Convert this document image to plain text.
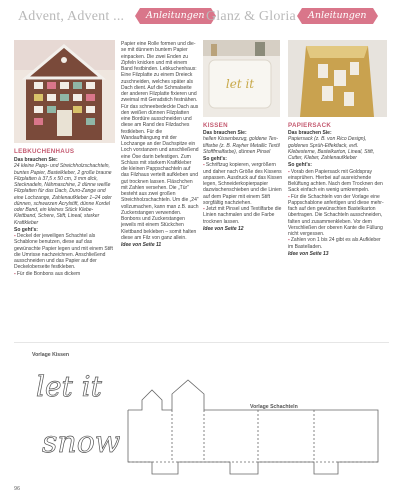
Advent, Advent ...	Anleitungen Glanz & Gloria	Anleitungen
let it
LEBKUCHENHAUS

Das brauchen Sie:
24 kleine Papp- und Streichholzschachteln, buntes Papier, Bastelkleber, 2 große braune Filzplatten à 37,5 x 50 cm, 3 mm dick, Stecknadeln, Nähmaschine, 2 dünne weiße Filzplatten für das Dach, Duro-Zange und eine Lochzange, Zahlenaufkleber 1–24 oder dünnen, schwarzen Acrylstift, dünne Kordel oder Band, ein kleines Stück Klebe-Klettband, Schere, Stift, Lineal, starker Kraftkleber

So geht's:
▪ Deckel der jeweiligen Schachtel als Schablone benutzen, diese auf das gewünschte Papier legen und mit einem Stift die Umrisse nachzeichnen. Anschließend ausschneiden und das Papier auf der Deckeloberseite festkleben.
▪ Für die Bonbons aus dickem

Papier eine Rolle formen und diese mit dünnem buntem Papier einpacken. Die zwei Enden zu Zipfeln knicken und mit einem Band festbinden. Lebkuchenhaus: Eine Filzplatte zu einem Dreieck zuschneiden, welches später als Dach dient. Auf die Schmalseite der anderen Filzplatte fixieren und zweimal mit Geradstich festnähen. Für das schneebedeckte Dach aus den weißen dünnen Filzplatten eine Bordüre ausschneiden und diese am Rand des Filzdaches festkleben. Für die Wandaufhängung mit der Lochzange an der Dachspitze ein Loch vorstanzen und anschließend eine Öse darin befestigen. Zum Schluss mit starkem Kraftkleber die kleinen Pappschachteln auf das Filzhaus verteilt aufkleben und gut trocknen lassen. Fläschchen mit Zahlen versehen. Die „Tür“ besteht aus zwei großen Streichholzschachteln. Um die „24“ vollzumachen, kann man z.B. auch Zuckerstangen verwenden. Bonbons und Zuckerstangen jeweils mit einem Stückchen Klettband bekleben – somit halten diese am Filz von ganz allein.

Idee von Seite 11

KISSEN

Das brauchen Sie:
hellen Kissenbezug, goldene Textilfarbe (z. B. Rayher Metallic Textil Stofffmalfarbe), dünnen Pinsel

So geht's:
▪ Schriftzug kopieren, vergrößern und daher nach Größe des Kissens anpassen. Ausdruck auf das Kissen legen, Schneiderkopierpapier dazwischenschieben und die Linien auf dem Papier mit einem Stift sorgfältig nachziehen.
▪ Jetzt mit Pinsel und Textilfarbe die Linien nachmalen und die Farbe trocknen lassen.

Idee von Seite 12

PAPIERSACK

Das brauchen Sie:
Papiersack (z. B. von Rico Design), goldenes Sprüh-Effektlack, evtl. Klebesterne, Bastelkarton, Lineal, Stift, Cutter, Kleber, Zahlenaufkleber

So geht's:
▪ Vorab den Papiersack mit Goldspray einsprühen. Hierbei auf ausreichende Belüftung achten. Nach dem Trocknen den Sack einfach ein wenig umkrempeln.
▪ Für die Schachteln von der Vorlage eine Pappschablone anfertigen und diese mehrfach auf den gewünschten Bastelkarton übertragen. Die Schachteln ausschneiden, falten und zusammenkleben. Vor dem Verschließen der oberen Kante die Füllung nicht vergessen.
▪ Zahlen von 1 bis 24 gibt es als Aufkleber im Bastelladen.

Idee von Seite 13

Vorlage Kissen
Vorlage Schachteln
let it
snow
96
